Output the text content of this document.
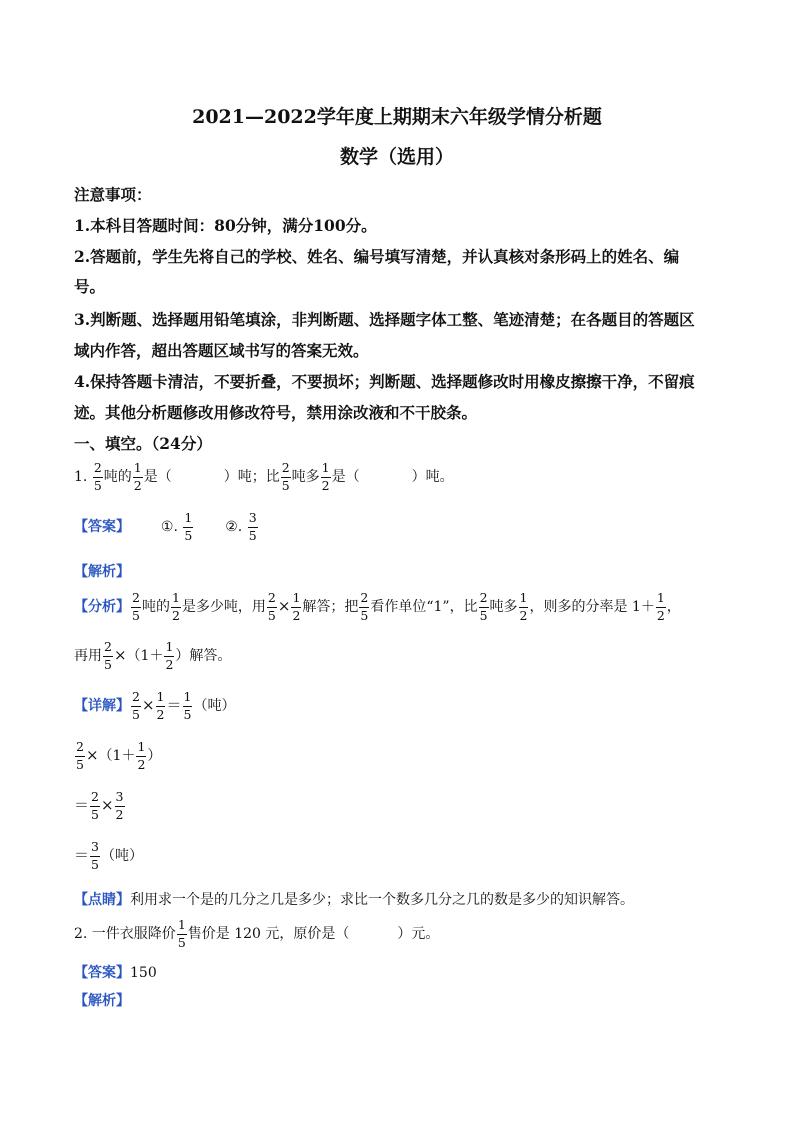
2021—2022学年度上期期末六年级学情分析题
数学（选用）
注意事项：
1.本科目答题时间：80分钟，满分100分。
2.答题前，学生先将自己的学校、姓名、编号填写清楚，并认真核对条形码上的姓名、编
号。
3.判断题、选择题用铅笔填涂，非判断题、选择题字体工整、笔迹清楚；在各题目的答题区
域内作答，超出答题区域书写的答案无效。
4.保持答题卡清洁，不要折叠，不要损坏；判断题、选择题修改时用橡皮擦擦干净，不留痕
迹。其他分析题修改用修改符号，禁用涂改液和不干胶条。
一、填空。（24分）
1. $\frac{2}{5}$ 吨的 $\frac{1}{2}$ 是（	）吨；比 $\frac{2}{5}$ 吨多 $\frac{1}{2}$ 是（	）吨。
【答案】 ①. $\frac{1}{5}$ ②. $\frac{3}{5}$
【解析】
【分析】 $\frac{2}{5}$ 吨的 $\frac{1}{2}$ 是多少吨，用 $\frac{2}{5} \times \frac{1}{2}$ 解答；把 $\frac{2}{5}$ 看作单位“1”，比 $\frac{2}{5}$ 吨多 $\frac{1}{2}$ ，则多的分率是 $1+ \frac{1}{2}$ ，
再用 $\frac{2}{5} \times(1+ \frac{1}{2}$ ）解答。
【详解】 $\frac{2}{5} \times \frac{1}{2} = \frac{1}{5}$ （吨）
$\frac{2}{5} \times(1+ \frac{1}{2}$ ）
＝ $\frac{2}{5} \times \frac{3}{2}$
＝ $\frac{3}{5}$ （吨）
【点睛】利用求一个是的几分之几是多少；求比一个数多几分之几的数是多少的知识解答。
2. 一件衣服降价 $\frac{1}{5}$ 售价是 120 元，原价是（	）元。
【答案】150
【解析】
